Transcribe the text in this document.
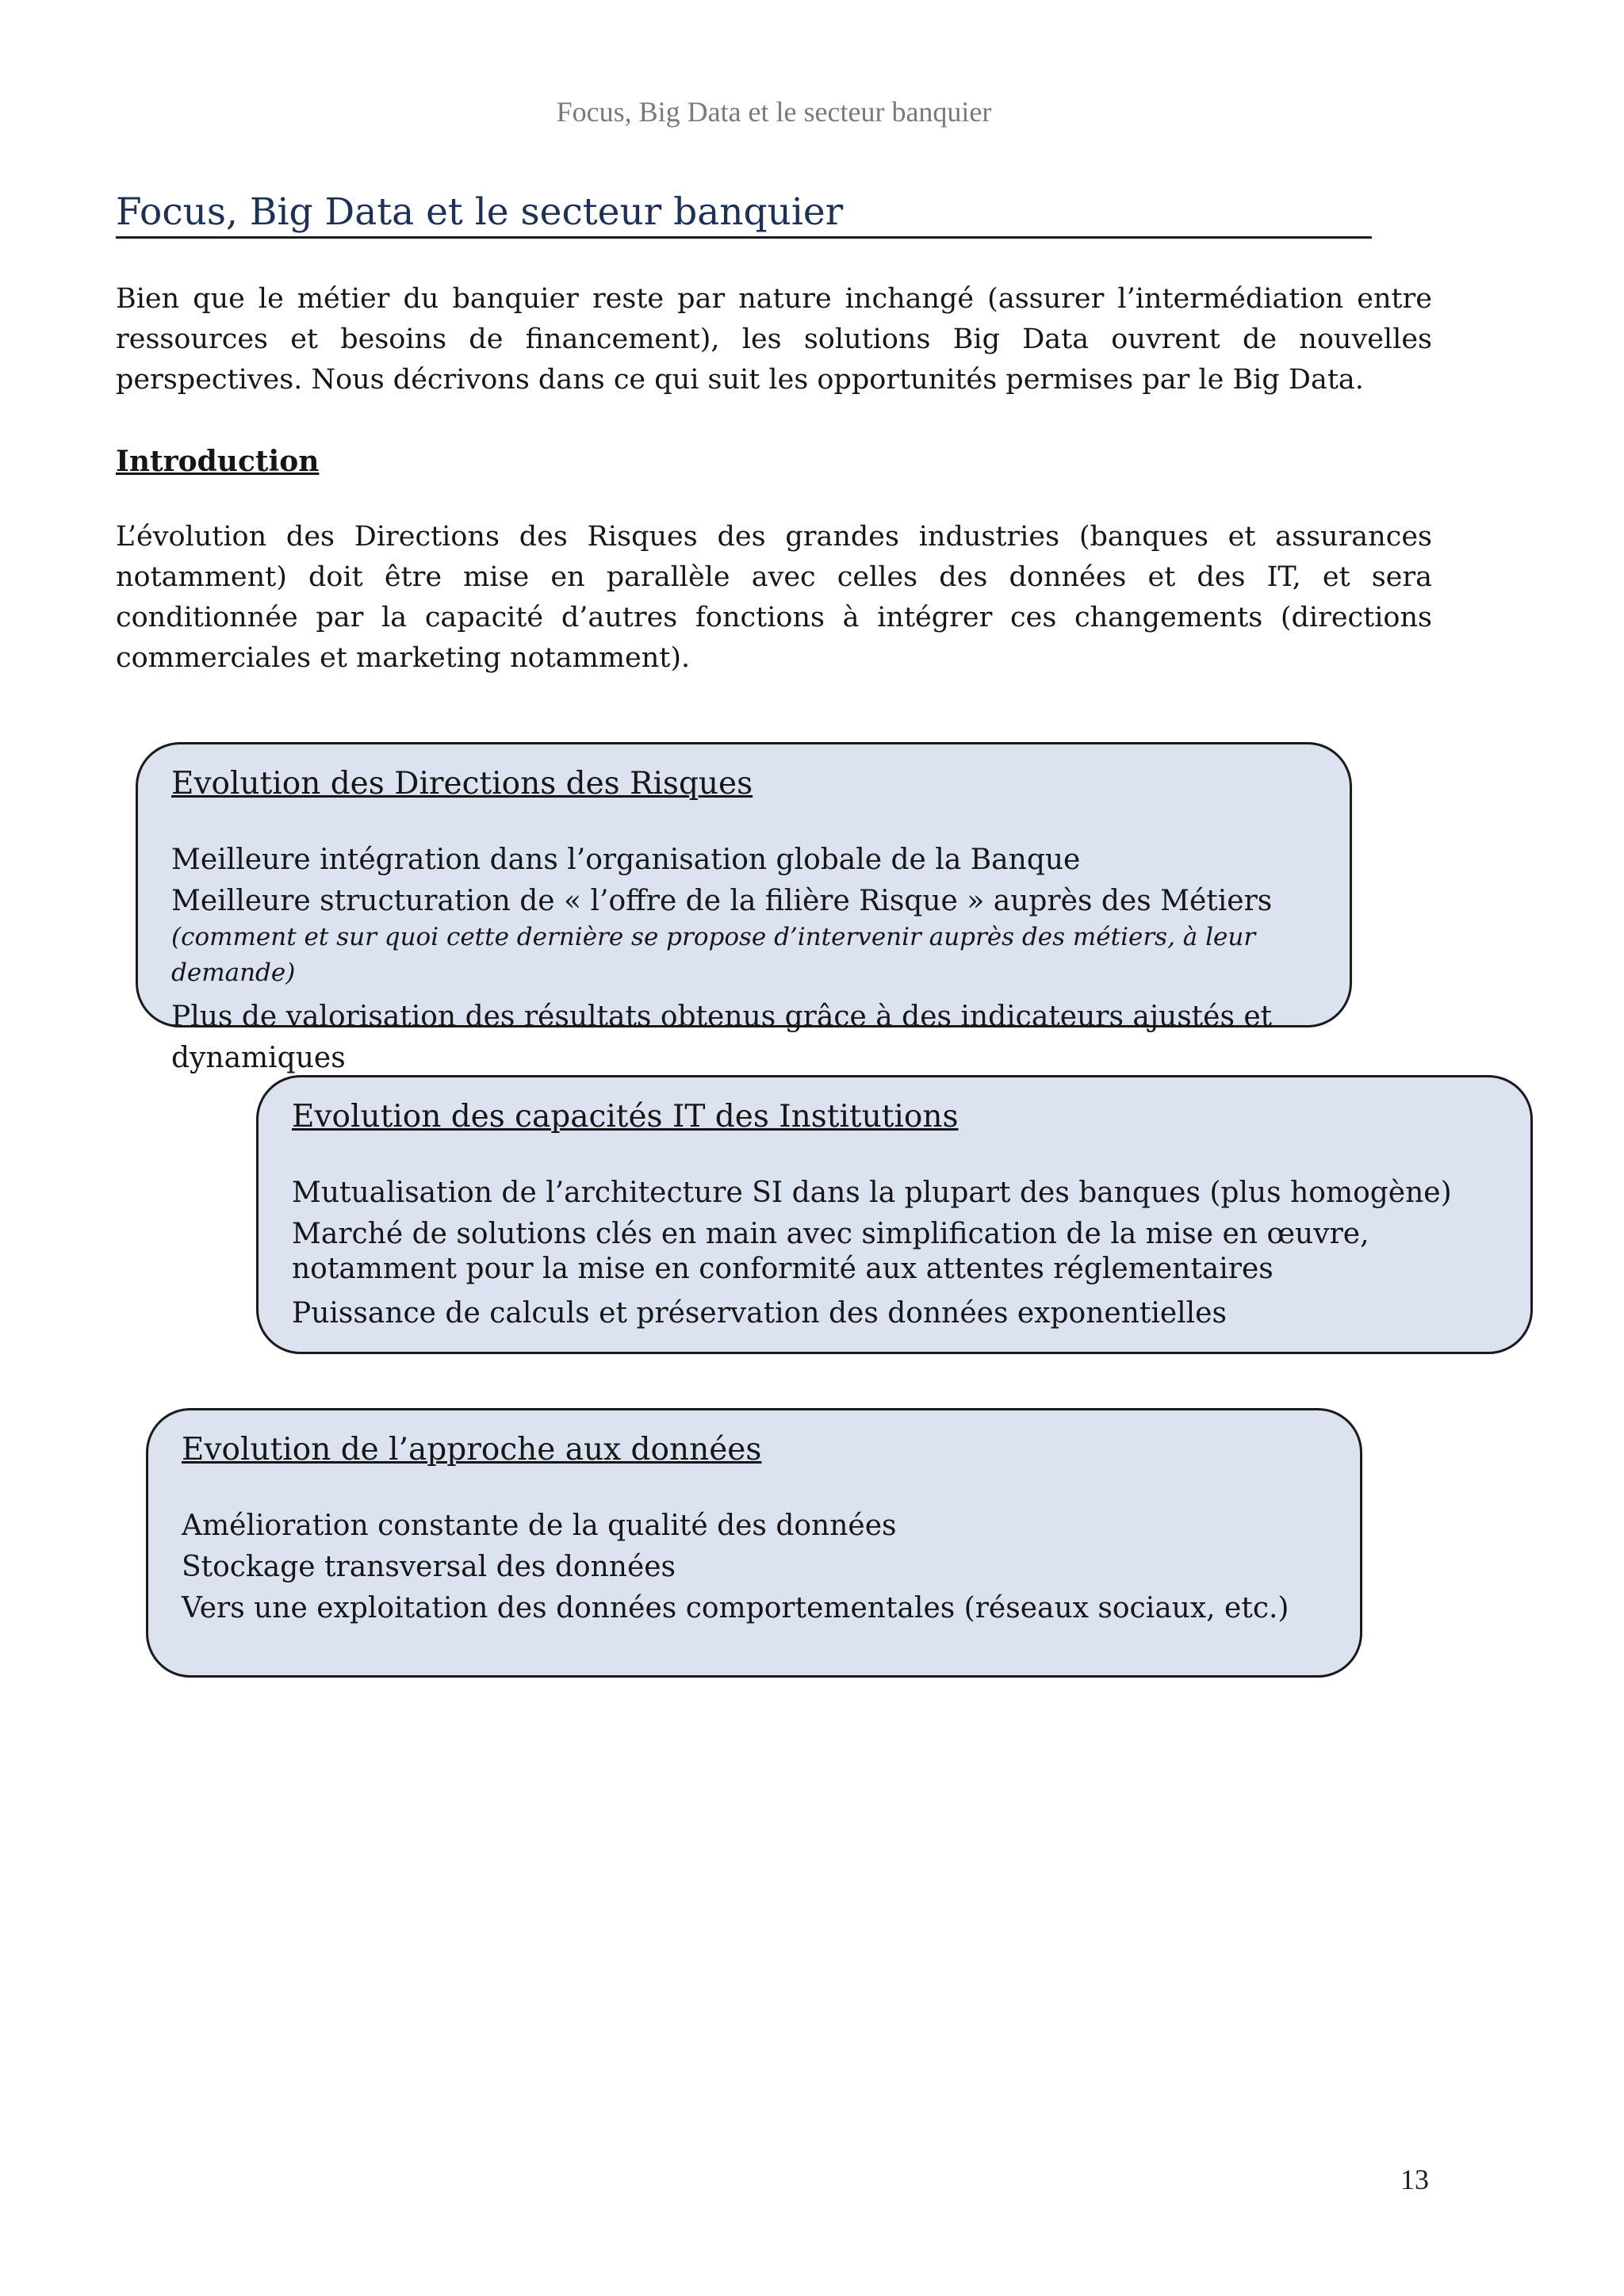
Focus, Big Data et le secteur banquier
Focus, Big Data et le secteur banquier

Bien que le métier du banquier reste par nature inchangé (assurer l’intermédiation entre ressources et besoins de financement), les solutions Big Data ouvrent de nouvelles perspectives. Nous décrivons dans ce qui suit les opportunités permises par le Big Data.

Introduction

L’évolution des Directions des Risques des grandes industries (banques et assurances notamment) doit être mise en parallèle avec celles des données et des IT, et sera conditionnée par la capacité d’autres fonctions à intégrer ces changements (directions commerciales et marketing notamment).

Evolution des Directions des Risques

Meilleure intégration dans l’organisation globale de la Banque

Meilleure structuration de « l’offre de la filière Risque » auprès des Métiers (comment et sur quoi cette dernière se propose d’intervenir auprès des métiers, à leur demande)

Plus de valorisation des résultats obtenus grâce à des indicateurs ajustés et dynamiques

Evolution des capacités IT des Institutions

Mutualisation de l’architecture SI dans la plupart des banques (plus homogène)

Marché de solutions clés en main avec simplification de la mise en œuvre, notamment pour la mise en conformité aux attentes réglementaires

Puissance de calculs et préservation des données exponentielles

Evolution de l’approche aux données

Amélioration constante de la qualité des données

Stockage transversal des données

Vers une exploitation des données comportementales (réseaux sociaux, etc.)

13
